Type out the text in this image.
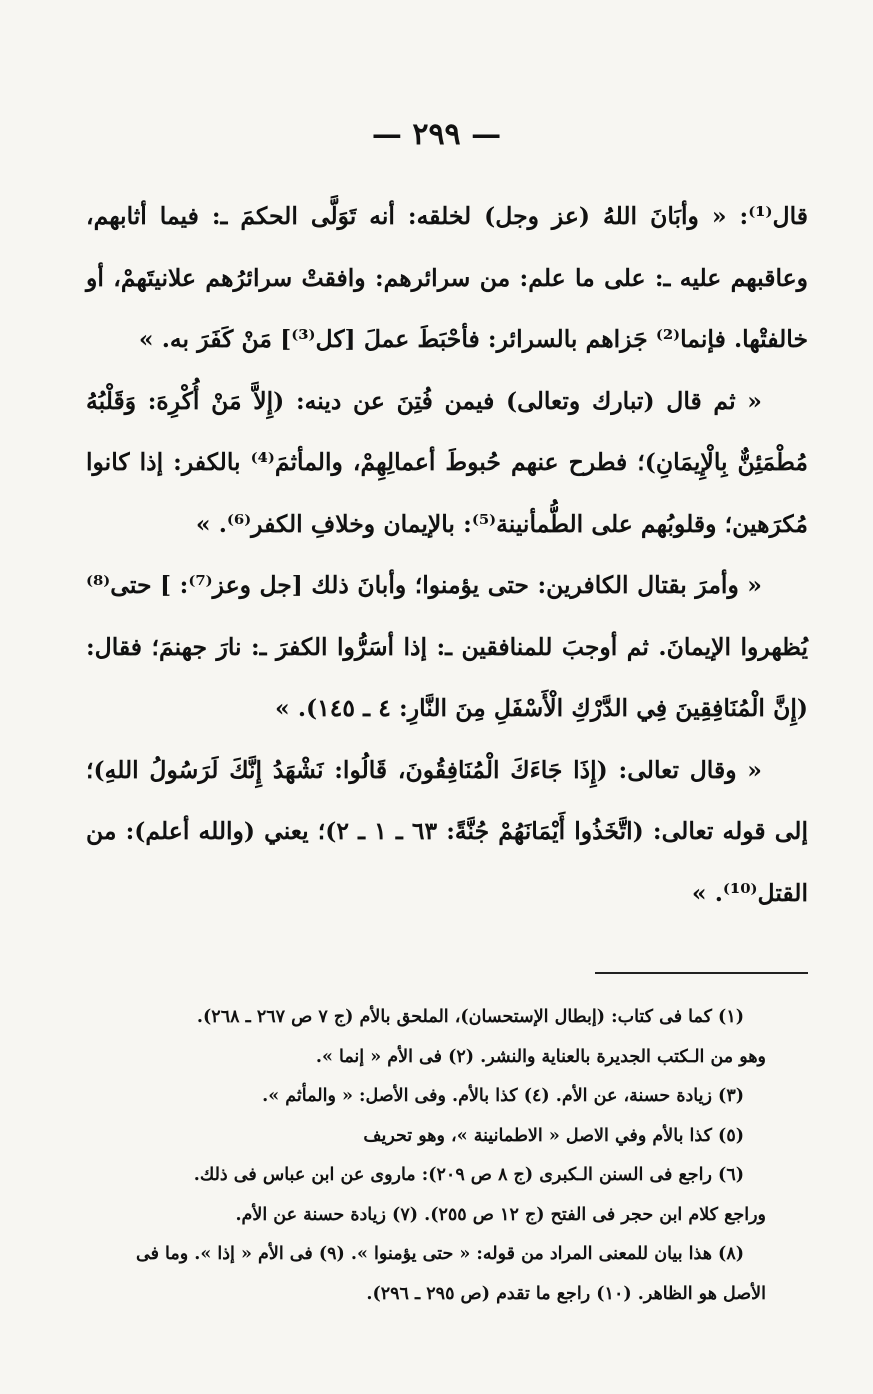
— ٢٩٩ —

قال⁽¹⁾: « وأبَانَ اللهُ (عز وجل) لخلقه: أنه تَوَلَّى الحكمَ ـ: فيما أثابهم، وعاقبهم عليه ـ: على ما علم: من سرائرهم: وافقتْ سرائرُهم علانيتَهمْ، أو خالفتْها. فإنما⁽²⁾ جَزاهم بالسرائر: فأحْبَطَ عملَ [كل⁽³⁾] مَنْ كَفَرَ به. »

« ثم قال (تبارك وتعالى) فيمن فُتِنَ عن دينه: (إِلاَّ مَنْ أُكْرِهَ: وَقَلْبُهُ مُطْمَئِنٌّ بِالْإِيمَانِ)؛ فطرح عنهم حُبوطَ أعمالِهِمْ، والمأثمَ⁽⁴⁾ بالكفر: إذا كانوا مُكرَهين؛ وقلوبُهم على الطُّمأنينة⁽⁵⁾: بالإيمان وخلافِ الكفر⁽⁶⁾. »

« وأمرَ بقتال الكافرين: حتى يؤمنوا؛ وأبانَ ذلك [جل وعز⁽⁷⁾: ] حتى⁽⁸⁾ يُظهروا الإيمانَ. ثم أوجبَ للمنافقين ـ: إذا أسَرُّوا الكفرَ ـ: نارَ جهنمَ؛ فقال: (إِنَّ الْمُنَافِقِينَ فِي الدَّرْكِ الْأَسْفَلِ مِنَ النَّارِ: ٤ ـ ١٤٥). »

« وقال تعالى: (إِذَا جَاءَكَ الْمُنَافِقُونَ، قَالُوا: نَشْهَدُ إِنَّكَ لَرَسُولُ اللهِ)؛ إلى قوله تعالى: (اتَّخَذُوا أَيْمَانَهُمْ جُنَّةً: ٦٣ ـ ١ ـ ٢)؛ يعني (والله أعلم): من القتل⁽¹⁰⁾. »

(١) كما فى كتاب: (إبطال الإستحسان)، الملحق بالأم (ج ٧ ص ٢٦٧ ـ ٢٦٨).

وهو من الـكتب الجديرة بالعناية والنشر. (٢) فى الأم « إنما ».

(٣) زيادة حسنة، عن الأم. (٤) كذا بالأم. وفى الأصل: « والمأثم ».

(٥) كذا بالأم وفي الاصل « الاطمانينة »، وهو تحريف

(٦) راجع فى السنن الـكبرى (ج ٨ ص ٢٠٩): ماروى عن ابن عباس فى ذلك.

وراجع كلام ابن حجر فى الفتح (ج ١٢ ص ٢٥٥). (٧) زيادة حسنة عن الأم.

(٨) هذا بيان للمعنى المراد من قوله: « حتى يؤمنوا ». (٩) فى الأم « إذا ». وما فى

الأصل هو الظاهر. (١٠) راجع ما تقدم (ص ٢٩٥ ـ ٢٩٦).
